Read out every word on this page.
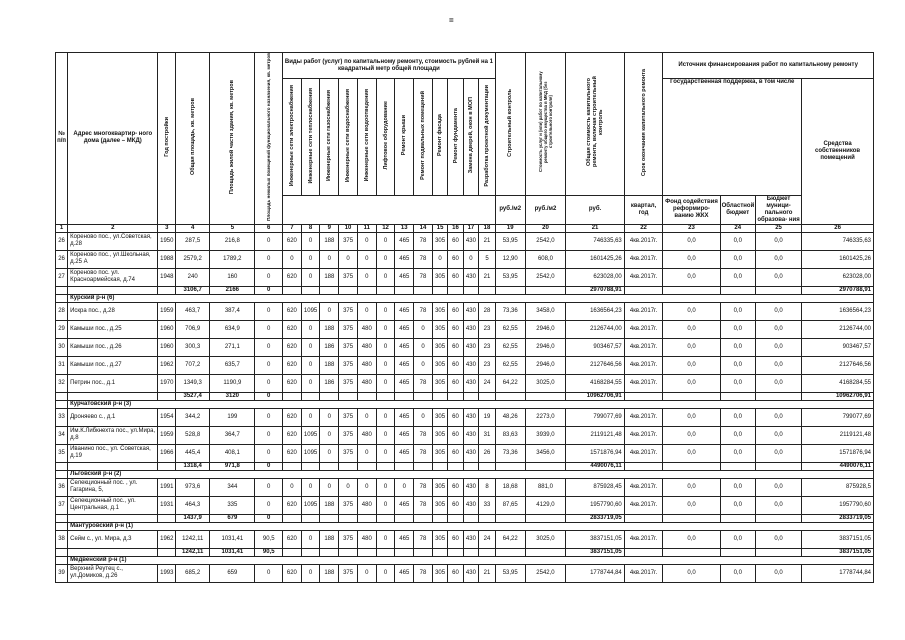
=
№ п/п	Адрес многоквартир- ного дома (далее – МКД)	Год постройки	Общая площадь, кв. метров	Площадь жилой части здания, кв. метров	Площадь нежилых помещений функционального назначения, кв. метров	Виды работ (услуг) по капитальному ремонту, стоимость рублей на 1 квадратный метр общей площади												Строительный контроль	Стоимость услуг и (или) работ по капитальному ремонту общего имущества в МКД (без строительного контроля)	Общая стоимость капитального ремонта, включая строительный контроль	Срок окончания капитального ремонта	Источник финансирования работ по капитальному ремонту			
						Инженерные сети электроснабжения	Инженерные сети теплоснабжения	Инженерные сети газоснабжения	Инженерные сети водоснабжения	Инженерные сети водоотведения	Лифтовое оборудование	Ремонт крыши	Ремонт подвальных помещений	Ремонт фасада	Ремонт фундамента	Замена дверей, окон в МОП	Разработка проектной документации					Государственная поддержка, в том числе			Средства собственников помещений
																		руб./м2	руб./м2	руб.	квартал, год	Фонд содействия реформиро- ванию ЖКХ	Областной бюджет	Бюджет муници- пального образова- ния	
1	2	3	4	5	6	7	8	9	10	11	12	13	14	15	16	17	18	19	20	21	22	23	24	25	26
26	Кореново пос., ул.Советская, д.28	1950	287,5	216,8	0	620	0	188	375	0	0	465	78	305	60	430	21	53,95	2542,0	746335,63	4кв.2017г.	0,0	0,0	0,0	746335,63
26	Кореново пос., ул.Школьная, д.25 А	1988	2579,2	1789,2	0	0	0	0	0	0	0	465	78	0	60	0	5	12,90	608,0	1601425,26	4кв.2017г.	0,0	0,0	0,0	1601425,26
27	Кореново пос. ул. Красноармейская, д.74	1948	240	160	0	620	0	188	375	0	0	465	78	305	60	430	21	53,95	2542,0	623028,00	4кв.2017г.	0,0	0,0	0,0	623028,00
			3106,7	2166	0															2970788,91					2970788,91
	Курский р-н (6)																								
28	Искра пос., д.28	1959	463,7	387,4	0	620	1095	0	375	0	0	465	78	305	60	430	28	73,36	3458,0	1636564,23	4кв.2017г.	0,0	0,0	0,0	1636564,23
29	Камыши пос., д.25	1960	706,9	634,9	0	620	0	188	375	480	0	465	0	305	60	430	23	62,55	2946,0	2126744,00	4кв.2017г.	0,0	0,0	0,0	2126744,00
30	Камыши пос., д.26	1960	300,3	271,1	0	620	0	186	375	480	0	465	0	305	60	430	23	62,55	2946,0	903467,57	4кв.2017г.	0,0	0,0	0,0	903467,57
31	Камыши пос., д.27	1962	707,2	635,7	0	620	0	188	375	480	0	465	0	305	60	430	23	62,55	2946,0	2127646,56	4кв.2017г.	0,0	0,0	0,0	2127646,56
32	Петрин пос., д.1	1970	1349,3	1190,9	0	620	0	186	375	480	0	465	78	305	60	430	24	64,22	3025,0	4168284,55	4кв.2017г.	0,0	0,0	0,0	4168284,55
			3527,4	3120	0															10962706,91					10962706,91
	Курчатовский р-н (3)																								
33	Дроняево с., д.1	1954	344,2	199	0	620	0	0	375	0	0	465	0	305	60	430	19	48,26	2273,0	799077,69	4кв.2017г.	0,0	0,0	0,0	799077,69
34	Им.К.Либкнехта пос., ул.Мира, д.8	1959	528,8	364,7	0	620	1095	0	375	480	0	465	78	305	60	430	31	83,63	3939,0	2119121,48	4кв.2017г.	0,0	0,0	0,0	2119121,48
35	Иванино пос., ул. Советская, д.19	1966	445,4	408,1	0	620	1095	0	375	0	0	465	78	305	60	430	26	73,36	3456,0	1571876,94	4кв.2017г.	0,0	0,0	0,0	1571876,94
			1318,4	971,8	0															4490076,11					4490076,11
	Льговский р-н (2)																								
36	Селекционный пос. , ул. Гагарина, 5,	1991	973,6	344	0	0	0	0	0	0	0	0	78	305	60	430	8	18,68	881,0	875928,45	4кв.2017г.	0,0	0,0	0,0	875928,5
37	Селекционный пос., ул. Центральная, д.1	1931	464,3	335	0	620	1095	188	375	480	0	465	78	305	60	430	33	87,65	4129,0	1957790,60	4кв.2017г.	0,0	0,0	0,0	1957790,60
			1437,9	679	0															2833719,05					2833719,05
	Мантуровский р-н (1)																								
38	Сейм с., ул. Мира, д.3	1962	1242,11	1031,41	90,5	620	0	188	375	480	0	465	78	305	60	430	24	64,22	3025,0	3837151,05	4кв.2017г.	0,0	0,0	0,0	3837151,05
			1242,11	1031,41	90,5															3837151,05					3837151,05
	Медвенский р-н (1)																								
39	Верхний Реутец с., ул.Домиков, д.26	1993	685,2	659	0	620	0	188	375	0	0	465	78	305	60	430	21	53,95	2542,0	1778744,84	4кв.2017г.	0,0	0,0	0,0	1778744,84
